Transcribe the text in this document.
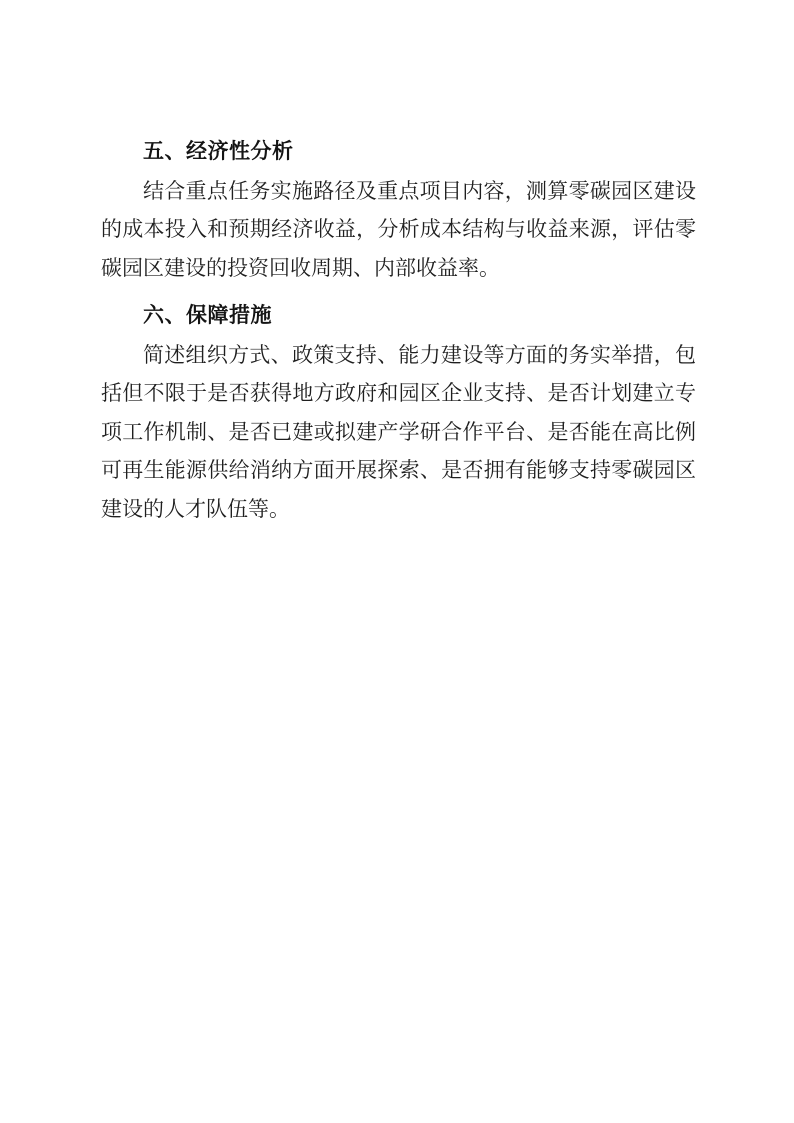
五、经济性分析

结合重点任务实施路径及重点项目内容，测算零碳园区建设的成本投入和预期经济收益，分析成本结构与收益来源，评估零碳园区建设的投资回收周期、内部收益率。

六、保障措施

简述组织方式、政策支持、能力建设等方面的务实举措，包括但不限于是否获得地方政府和园区企业支持、是否计划建立专项工作机制、是否已建或拟建产学研合作平台、是否能在高比例可再生能源供给消纳方面开展探索、是否拥有能够支持零碳园区建设的人才队伍等。
